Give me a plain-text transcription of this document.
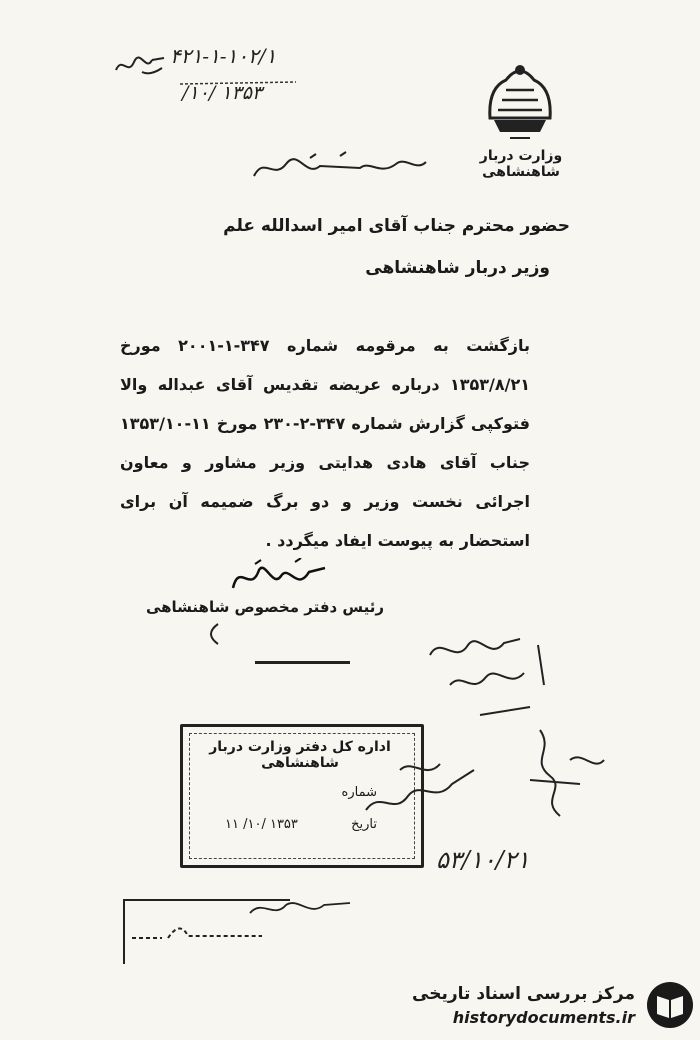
۴۲۱-۱-۱۰۲/۱
۱۳۵۳ /۱۰/
وزارت دربار شاهنشاهی
حضور محترم جناب آقای امیر اسدالله علم
وزیر دربار شاهنشاهی
بازگشت به مرقومه شماره ۳۴۷-۱-۲۰۰۱ مورخ ۱۳۵۳/۸/۲۱ درباره عریضه تقدیس آقای عبداله والا فتوکپی گزارش شماره ۳۴۷-۲-۲۳۰ مورخ ۱۱-۱۳۵۳/۱۰ جناب آقای هادی هدایتی وزیر مشاور و معاون اجرائی نخست وزیر و دو برگ ضمیمه آن برای استحضار به پیوست ایفاد میگردد .
رئیس دفتر مخصوص شاهنشاهی
اداره کل دفتر وزارت دربار شاهنشاهی
شماره
تاریخ
۱۳۵۳ /۱۰/ ۱۱
۵۳/۱۰/۲۱
مرکز بررسی اسناد تاریخی
historydocuments.ir
